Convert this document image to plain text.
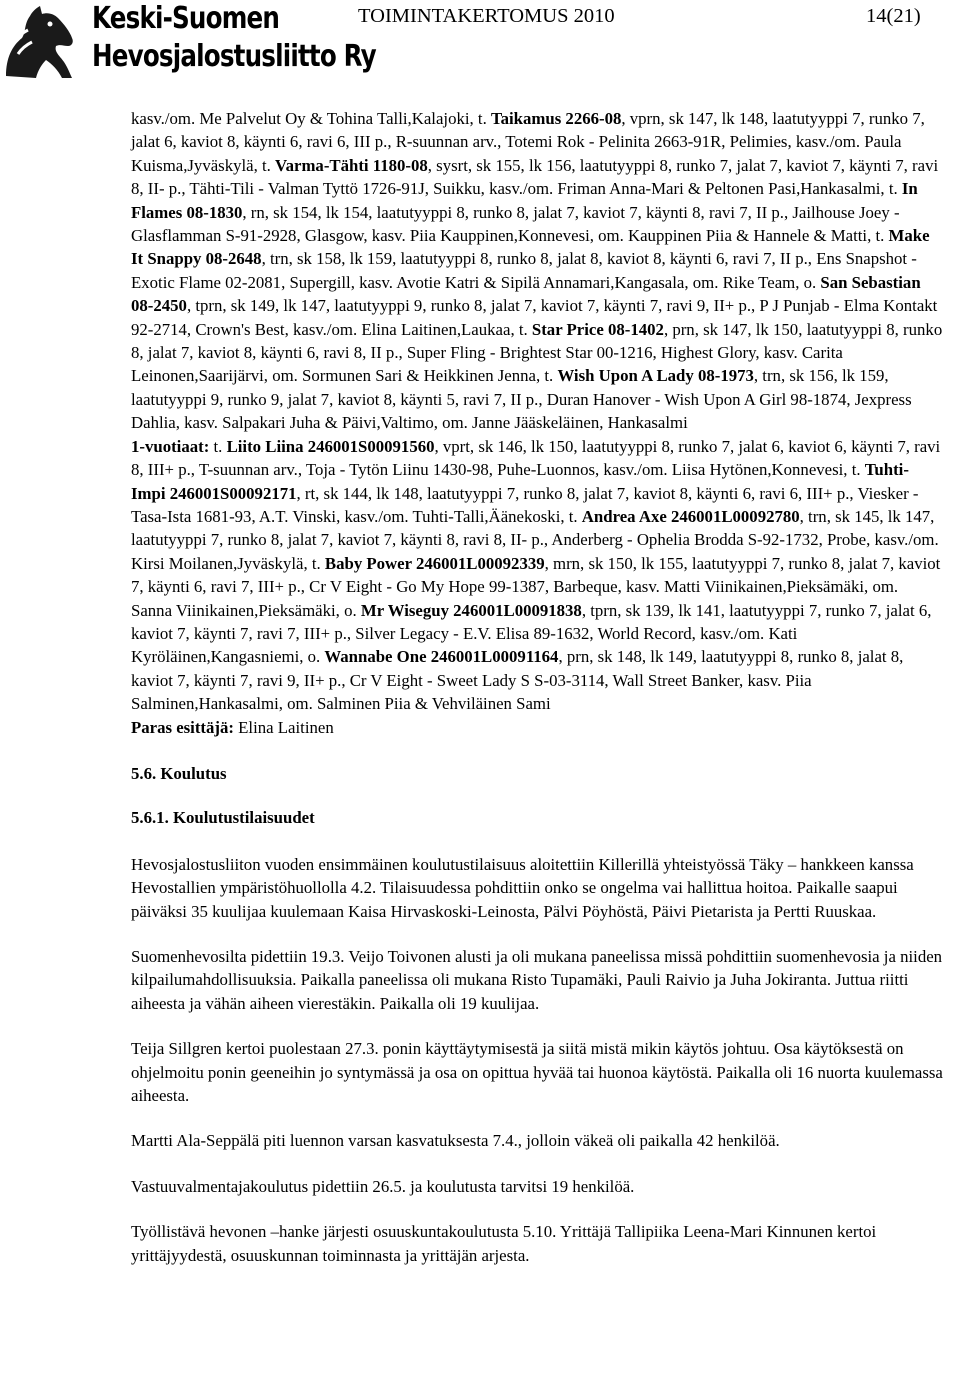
Keski-Suomen
Hevosjalostusliitto Ry
TOIMINTAKERTOMUS 2010	14(21)

kasv./om. Me Palvelut Oy & Tohina Talli,Kalajoki, t. Taikamus 2266-08, vprn, sk 147, lk 148, laatutyyppi 7, runko 7, jalat 6, kaviot 8, käynti 6, ravi 6, III p., R-suunnan arv., Totemi Rok - Pelinita 2663-91R, Pelimies, kasv./om. Paula Kuisma,Jyväskylä, t. Varma-Tähti 1180-08, sysrt, sk 155, lk 156, laatutyyppi 8, runko 7, jalat 7, kaviot 7, käynti 7, ravi 8, II- p., Tähti-Tili - Valman Tyttö 1726-91J, Suikku, kasv./om. Friman Anna-Mari & Peltonen Pasi,Hankasalmi, t. In Flames 08-1830, rn, sk 154, lk 154, laatutyyppi 8, runko 8, jalat 7, kaviot 7, käynti 8, ravi 7, II p., Jailhouse Joey - Glasflamman S-91-2928, Glasgow, kasv. Piia Kauppinen,Konnevesi, om. Kauppinen Piia & Hannele & Matti, t. Make It Snappy 08-2648, trn, sk 158, lk 159, laatutyyppi 8, runko 8, jalat 8, kaviot 8, käynti 6, ravi 7, II p., Ens Snapshot - Exotic Flame 02-2081, Supergill, kasv. Avotie Katri & Sipilä Annamari,Kangasala, om. Rike Team, o. San Sebastian 08-2450, tprn, sk 149, lk 147, laatutyyppi 9, runko 8, jalat 7, kaviot 7, käynti 7, ravi 9, II+ p., P J Punjab - Elma Kontakt 92-2714, Crown's Best, kasv./om. Elina Laitinen,Laukaa, t. Star Price 08-1402, prn, sk 147, lk 150, laatutyyppi 8, runko 8, jalat 7, kaviot 8, käynti 6, ravi 8, II p., Super Fling - Brightest Star 00-1216, Highest Glory, kasv. Carita Leinonen,Saarijärvi, om. Sormunen Sari & Heikkinen Jenna, t. Wish Upon A Lady 08-1973, trn, sk 156, lk 159, laatutyyppi 9, runko 9, jalat 7, kaviot 8, käynti 5, ravi 7, II p., Duran Hanover - Wish Upon A Girl 98-1874, Jexpress Dahlia, kasv. Salpakari Juha & Päivi,Valtimo, om. Janne Jääskeläinen, Hankasalmi
1-vuotiaat: t. Liito Liina 246001S00091560, vprt, sk 146, lk 150, laatutyyppi 8, runko 7, jalat 6, kaviot 6, käynti 7, ravi 8, III+ p., T-suunnan arv., Toja - Tytön Liinu 1430-98, Puhe-Luonnos, kasv./om. Liisa Hytönen,Konnevesi, t. Tuhti-Impi 246001S00092171, rt, sk 144, lk 148, laatutyyppi 7, runko 8, jalat 7, kaviot 8, käynti 6, ravi 6, III+ p., Viesker - Tasa-Ista 1681-93, A.T. Vinski, kasv./om. Tuhti-Talli,Äänekoski, t. Andrea Axe 246001L00092780, trn, sk 145, lk 147, laatutyyppi 7, runko 8, jalat 7, kaviot 7, käynti 8, ravi 8, II- p., Anderberg - Ophelia Brodda S-92-1732, Probe, kasv./om. Kirsi Moilanen,Jyväskylä, t. Baby Power 246001L00092339, mrn, sk 150, lk 155, laatutyyppi 7, runko 8, jalat 7, kaviot 7, käynti 6, ravi 7, III+ p., Cr V Eight - Go My Hope 99-1387, Barbeque, kasv. Matti Viinikainen,Pieksämäki, om. Sanna Viinikainen,Pieksämäki, o. Mr Wiseguy 246001L00091838, tprn, sk 139, lk 141, laatutyyppi 7, runko 7, jalat 6, kaviot 7, käynti 7, ravi 7, III+ p., Silver Legacy - E.V. Elisa 89-1632, World Record, kasv./om. Kati Kyröläinen,Kangasniemi, o. Wannabe One 246001L00091164, prn, sk 148, lk 149, laatutyyppi 8, runko 8, jalat 8, kaviot 7, käynti 7, ravi 9, II+ p., Cr V Eight - Sweet Lady S S-03-3114, Wall Street Banker, kasv. Piia Salminen,Hankasalmi, om. Salminen Piia & Vehviläinen Sami
Paras esittäjä: Elina Laitinen

5.6. Koulutus
5.6.1. Koulutustilaisuudet

Hevosjalostusliiton vuoden ensimmäinen koulutustilaisuus aloitettiin Killerillä yhteistyössä Täky – hankkeen kanssa Hevostallien ympäristöhuollolla 4.2. Tilaisuudessa pohdittiin onko se ongelma vai hallittua hoitoa. Paikalle saapui päiväksi 35 kuulijaa kuulemaan Kaisa Hirvaskoski-Leinosta, Pälvi Pöyhöstä, Päivi Pietarista ja Pertti Ruuskaa.

Suomenhevosilta pidettiin 19.3. Veijo Toivonen alusti ja oli mukana paneelissa missä pohdittiin suomenhevosia ja niiden kilpailumahdollisuuksia. Paikalla paneelissa oli mukana Risto Tupamäki, Pauli Raivio ja Juha Jokiranta. Juttua riitti aiheesta ja vähän aiheen vierestäkin. Paikalla oli 19 kuulijaa.

Teija Sillgren kertoi puolestaan 27.3. ponin käyttäytymisestä ja siitä mistä mikin käytös johtuu. Osa käytöksestä on ohjelmoitu ponin geeneihin jo syntymässä ja osa on opittua hyvää tai huonoa käytöstä. Paikalla oli 16 nuorta kuulemassa aiheesta.

Martti Ala-Seppälä piti luennon varsan kasvatuksesta 7.4., jolloin väkeä oli paikalla 42 henkilöä.

Vastuuvalmentajakoulutus pidettiin 26.5. ja koulutusta tarvitsi 19 henkilöä.

Työllistävä hevonen –hanke järjesti osuuskuntakoulutusta 5.10. Yrittäjä Tallipiika Leena-Mari Kinnunen kertoi yrittäjyydestä, osuuskunnan toiminnasta ja yrittäjän arjesta.
